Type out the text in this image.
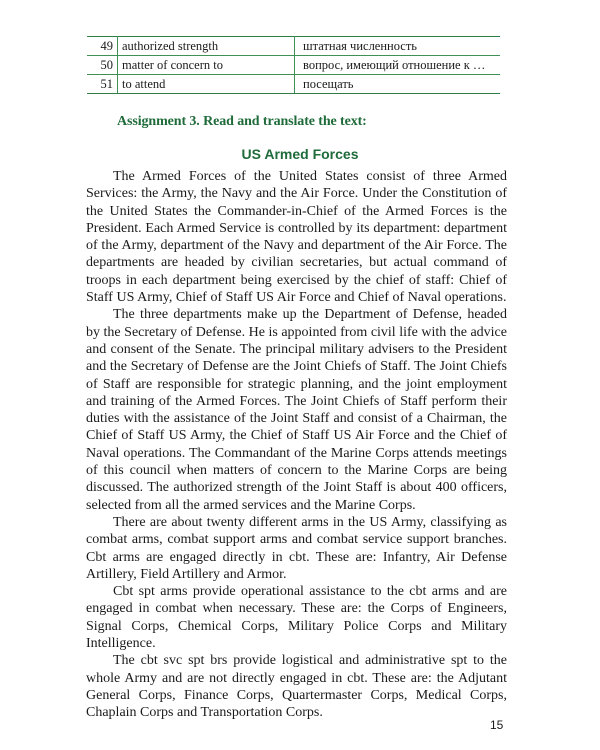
49	authorized strength	штатная численность
50	matter of concern to	вопрос, имеющий отношение к …
51	to attend	посещать
Assignment 3. Read and translate the text:
US Armed Forces

The Armed Forces of the United States consist of three Armed Services: the Army, the Navy and the Air Force. Under the Constitution of the United States the Commander-in-Chief of the Armed Forces is the President. Each Armed Service is controlled by its department: department of the Army, department of the Navy and department of the Air Force. The departments are headed by civilian secretaries, but actual command of troops in each department being exercised by the chief of staff: Chief of Staff US Army, Chief of Staff US Air Force and Chief of Naval operations.

The three departments make up the Department of Defense, headed by the Secretary of Defense. He is appointed from civil life with the advice and consent of the Senate. The principal military advisers to the President and the Secretary of Defense are the Joint Chiefs of Staff. The Joint Chiefs of Staff are responsible for strategic planning, and the joint employment and training of the Armed Forces. The Joint Chiefs of Staff perform their duties with the assistance of the Joint Staff and consist of a Chairman, the Chief of Staff US Army, the Chief of Staff US Air Force and the Chief of Naval operations. The Commandant of the Marine Corps attends meetings of this council when matters of concern to the Marine Corps are being discussed. The authorized strength of the Joint Staff is about 400 officers, selected from all the armed services and the Marine Corps.

There are about twenty different arms in the US Army, classifying as combat arms, combat support arms and combat service support branches. Cbt arms are engaged directly in cbt. These are: Infantry, Air Defense Artillery, Field Artillery and Armor.

Cbt spt arms provide operational assistance to the cbt arms and are engaged in combat when necessary. These are: the Corps of Engineers, Signal Corps, Chemical Corps, Military Police Corps and Military Intelligence.

The cbt svc spt brs provide logistical and administrative spt to the whole Army and are not directly engaged in cbt. These are: the Adjutant General Corps, Finance Corps, Quartermaster Corps, Medical Corps, Chaplain Corps and Transportation Corps.

15
